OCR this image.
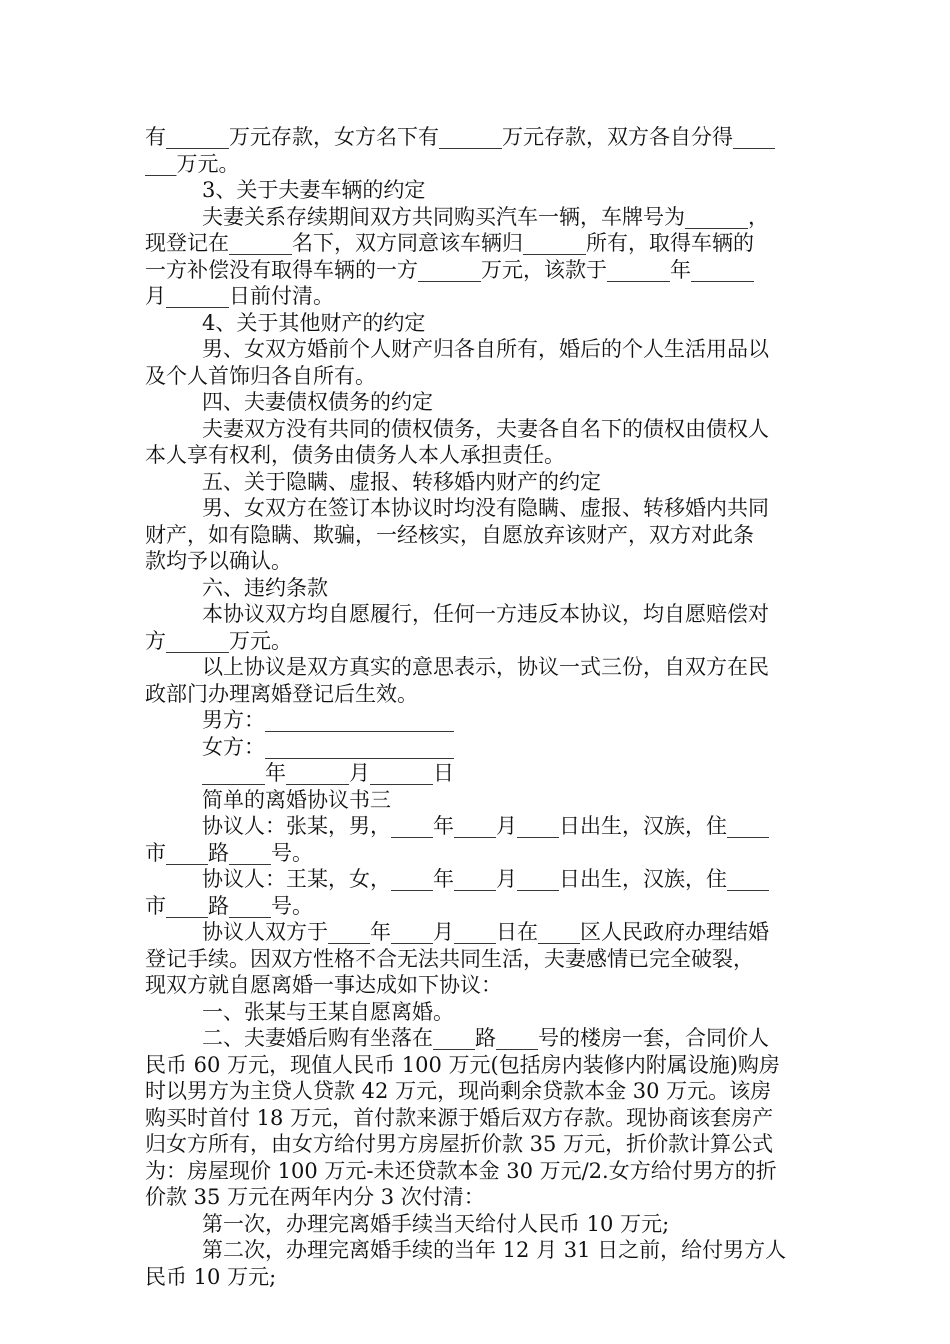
有______万元存款，女方名下有______万元存款，双方各自分得____
___万元。
3、关于夫妻车辆的约定
夫妻关系存续期间双方共同购买汽车一辆，车牌号为______，
现登记在______名下，双方同意该车辆归______所有，取得车辆的
一方补偿没有取得车辆的一方______万元，该款于______年______
月______日前付清。
4、关于其他财产的约定
男、女双方婚前个人财产归各自所有，婚后的个人生活用品以
及个人首饰归各自所有。
四、夫妻债权债务的约定
夫妻双方没有共同的债权债务，夫妻各自名下的债权由债权人
本人享有权利，债务由债务人本人承担责任。
五、关于隐瞒、虚报、转移婚内财产的约定
男、女双方在签订本协议时均没有隐瞒、虚报、转移婚内共同
财产，如有隐瞒、欺骗，一经核实，自愿放弃该财产，双方对此条
款均予以确认。
六、违约条款
本协议双方均自愿履行，任何一方违反本协议，均自愿赔偿对
方______万元。
以上协议是双方真实的意思表示，协议一式三份，自双方在民
政部门办理离婚登记后生效。
男方：__________________
女方：__________________
______年______月______日
简单的离婚协议书三
协议人：张某，男，____年____月____日出生，汉族，住____
市____路____号。
协议人：王某，女，____年____月____日出生，汉族，住____
市____路____号。
协议人双方于____年____月____日在____区人民政府办理结婚
登记手续。因双方性格不合无法共同生活，夫妻感情已完全破裂，
现双方就自愿离婚一事达成如下协议：
一、张某与王某自愿离婚。
二、夫妻婚后购有坐落在____路____号的楼房一套，合同价人
民币 60 万元，现值人民币 100 万元(包括房内装修内附属设施)购房
时以男方为主贷人贷款 42 万元，现尚剩余贷款本金 30 万元。该房
购买时首付 18 万元，首付款来源于婚后双方存款。现协商该套房产
归女方所有，由女方给付男方房屋折价款 35 万元，折价款计算公式
为：房屋现价 100 万元-未还贷款本金 30 万元/2.女方给付男方的折
价款 35 万元在两年内分 3 次付清：
第一次，办理完离婚手续当天给付人民币 10 万元;
第二次，办理完离婚手续的当年 12 月 31 日之前，给付男方人
民币 10 万元;
